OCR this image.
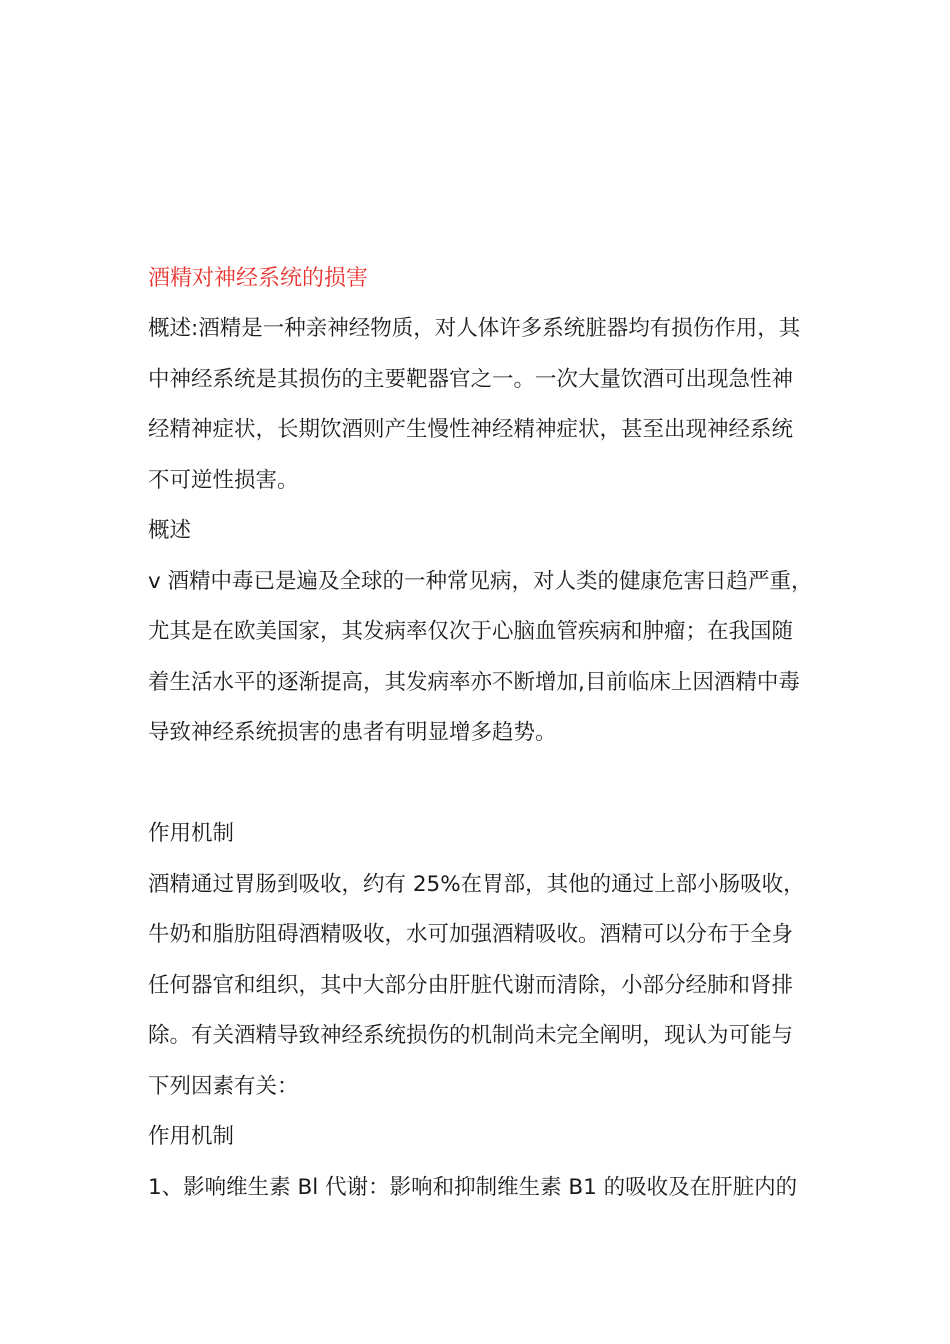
酒精对神经系统的损害

概述:酒精是一种亲神经物质，对人体许多系统脏器均有损伤作用，其

中神经系统是其损伤的主要靶器官之一。一次大量饮酒可出现急性神

经精神症状，长期饮酒则产生慢性神经精神症状，甚至出现神经系统

不可逆性损害。

概述

v 酒精中毒已是遍及全球的一种常见病，对人类的健康危害日趋严重，

尤其是在欧美国家，其发病率仅次于心脑血管疾病和肿瘤；在我国随

着生活水平的逐渐提高，其发病率亦不断增加,目前临床上因酒精中毒

导致神经系统损害的患者有明显增多趋势。

作用机制

酒精通过胃肠到吸收，约有 25%在胃部，其他的通过上部小肠吸收，

牛奶和脂肪阻碍酒精吸收，水可加强酒精吸收。酒精可以分布于全身

任何器官和组织，其中大部分由肝脏代谢而清除，小部分经肺和肾排

除。有关酒精导致神经系统损伤的机制尚未完全阐明，现认为可能与

下列因素有关：

作用机制

1、影响维生素 Bl 代谢：影响和抑制维生素 B1 的吸收及在肝脏内的
